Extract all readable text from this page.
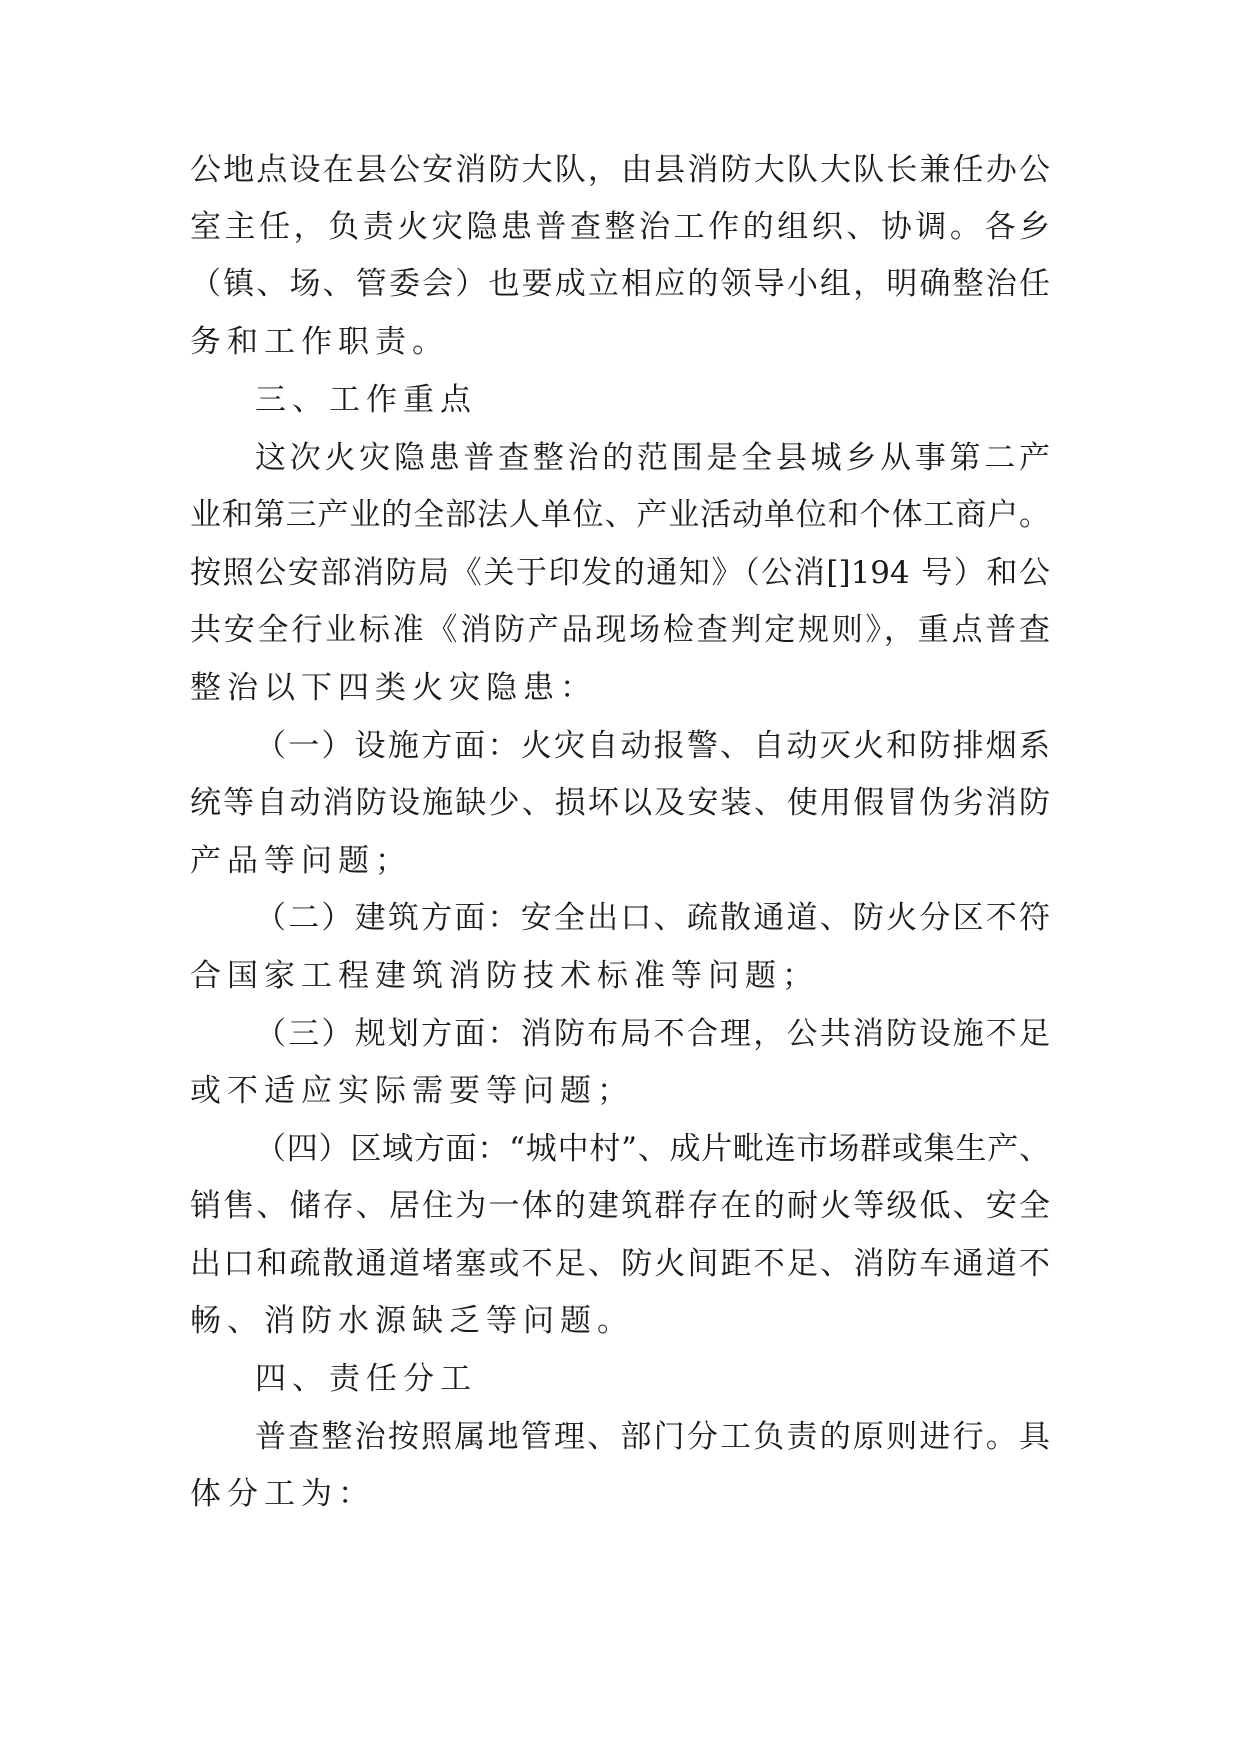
公地点设在县公安消防大队，由县消防大队大队长兼任办公
室主任，负责火灾隐患普查整治工作的组织、协调。各乡
（镇、场、管委会）也要成立相应的领导小组，明确整治任
务和工作职责。
三、工作重点
这次火灾隐患普查整治的范围是全县城乡从事第二产
业和第三产业的全部法人单位、产业活动单位和个体工商户。
按照公安部消防局《关于印发的通知》（公消[]194 号）和公
共安全行业标准《消防产品现场检查判定规则》，重点普查
整治以下四类火灾隐患：
（一）设施方面：火灾自动报警、自动灭火和防排烟系
统等自动消防设施缺少、损坏以及安装、使用假冒伪劣消防
产品等问题；
（二）建筑方面：安全出口、疏散通道、防火分区不符
合国家工程建筑消防技术标准等问题；
（三）规划方面：消防布局不合理，公共消防设施不足
或不适应实际需要等问题；
（四）区域方面：“城中村”、成片毗连市场群或集生产、
销售、储存、居住为一体的建筑群存在的耐火等级低、安全
出口和疏散通道堵塞或不足、防火间距不足、消防车通道不
畅、消防水源缺乏等问题。
四、责任分工
普查整治按照属地管理、部门分工负责的原则进行。具
体分工为：
